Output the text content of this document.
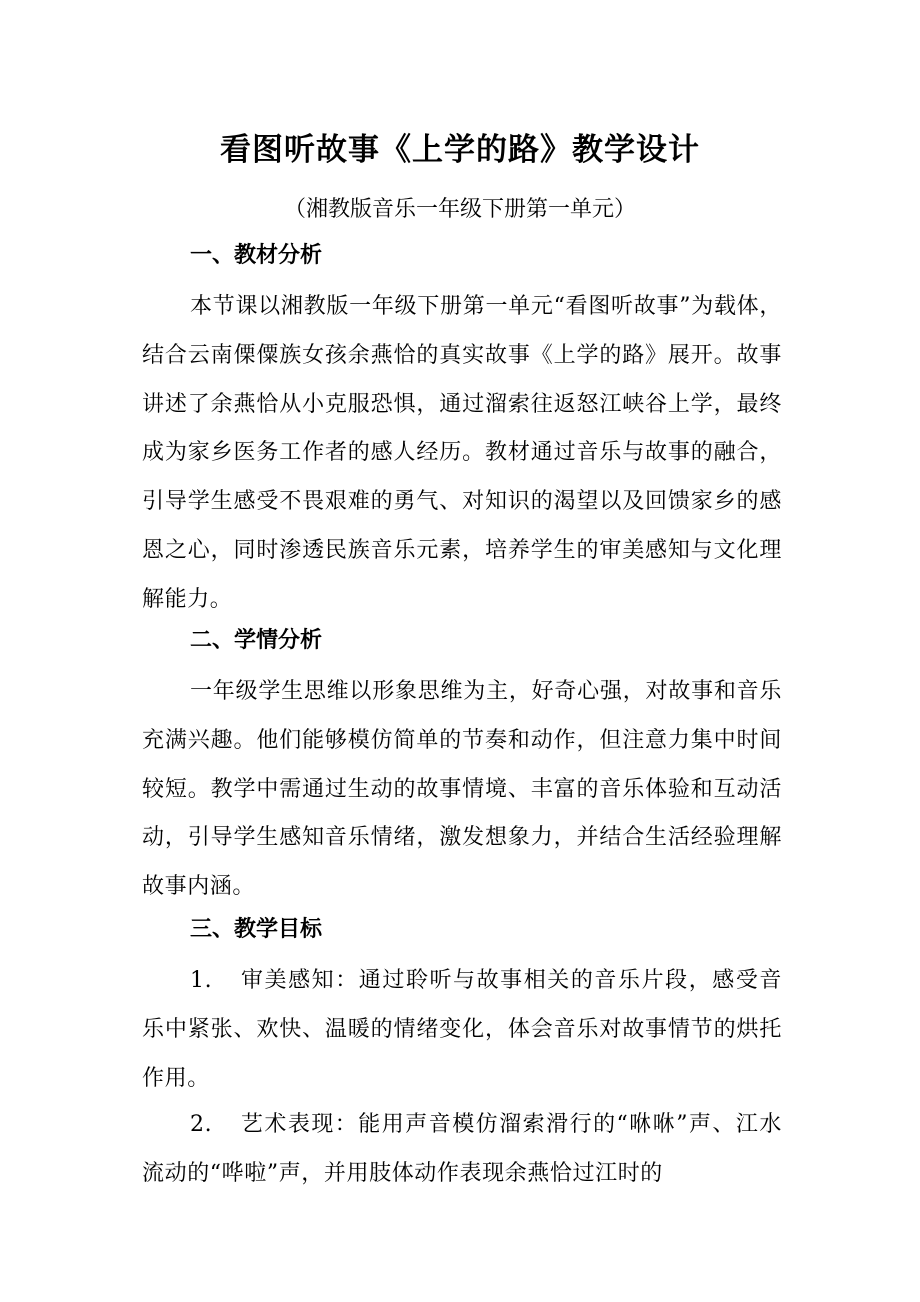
看图听故事《上学的路》教学设计

（湘教版音乐一年级下册第一单元）

一、教材分析

本节课以湘教版一年级下册第一单元“看图听故事”为载体，结合云南傈僳族女孩余燕恰的真实故事《上学的路》展开。故事讲述了余燕恰从小克服恐惧，通过溜索往返怒江峡谷上学，最终成为家乡医务工作者的感人经历。教材通过音乐与故事的融合，引导学生感受不畏艰难的勇气、对知识的渴望以及回馈家乡的感恩之心，同时渗透民族音乐元素，培养学生的审美感知与文化理解能力。

二、学情分析

一年级学生思维以形象思维为主，好奇心强，对故事和音乐充满兴趣。他们能够模仿简单的节奏和动作，但注意力集中时间较短。教学中需通过生动的故事情境、丰富的音乐体验和互动活动，引导学生感知音乐情绪，激发想象力，并结合生活经验理解故事内涵。

三、教学目标

1. 审美感知：通过聆听与故事相关的音乐片段，感受音乐中紧张、欢快、温暖的情绪变化，体会音乐对故事情节的烘托作用。

2. 艺术表现：能用声音模仿溜索滑行的“咻咻”声、江水流动的“哗啦”声，并用肢体动作表现余燕恰过江时的
